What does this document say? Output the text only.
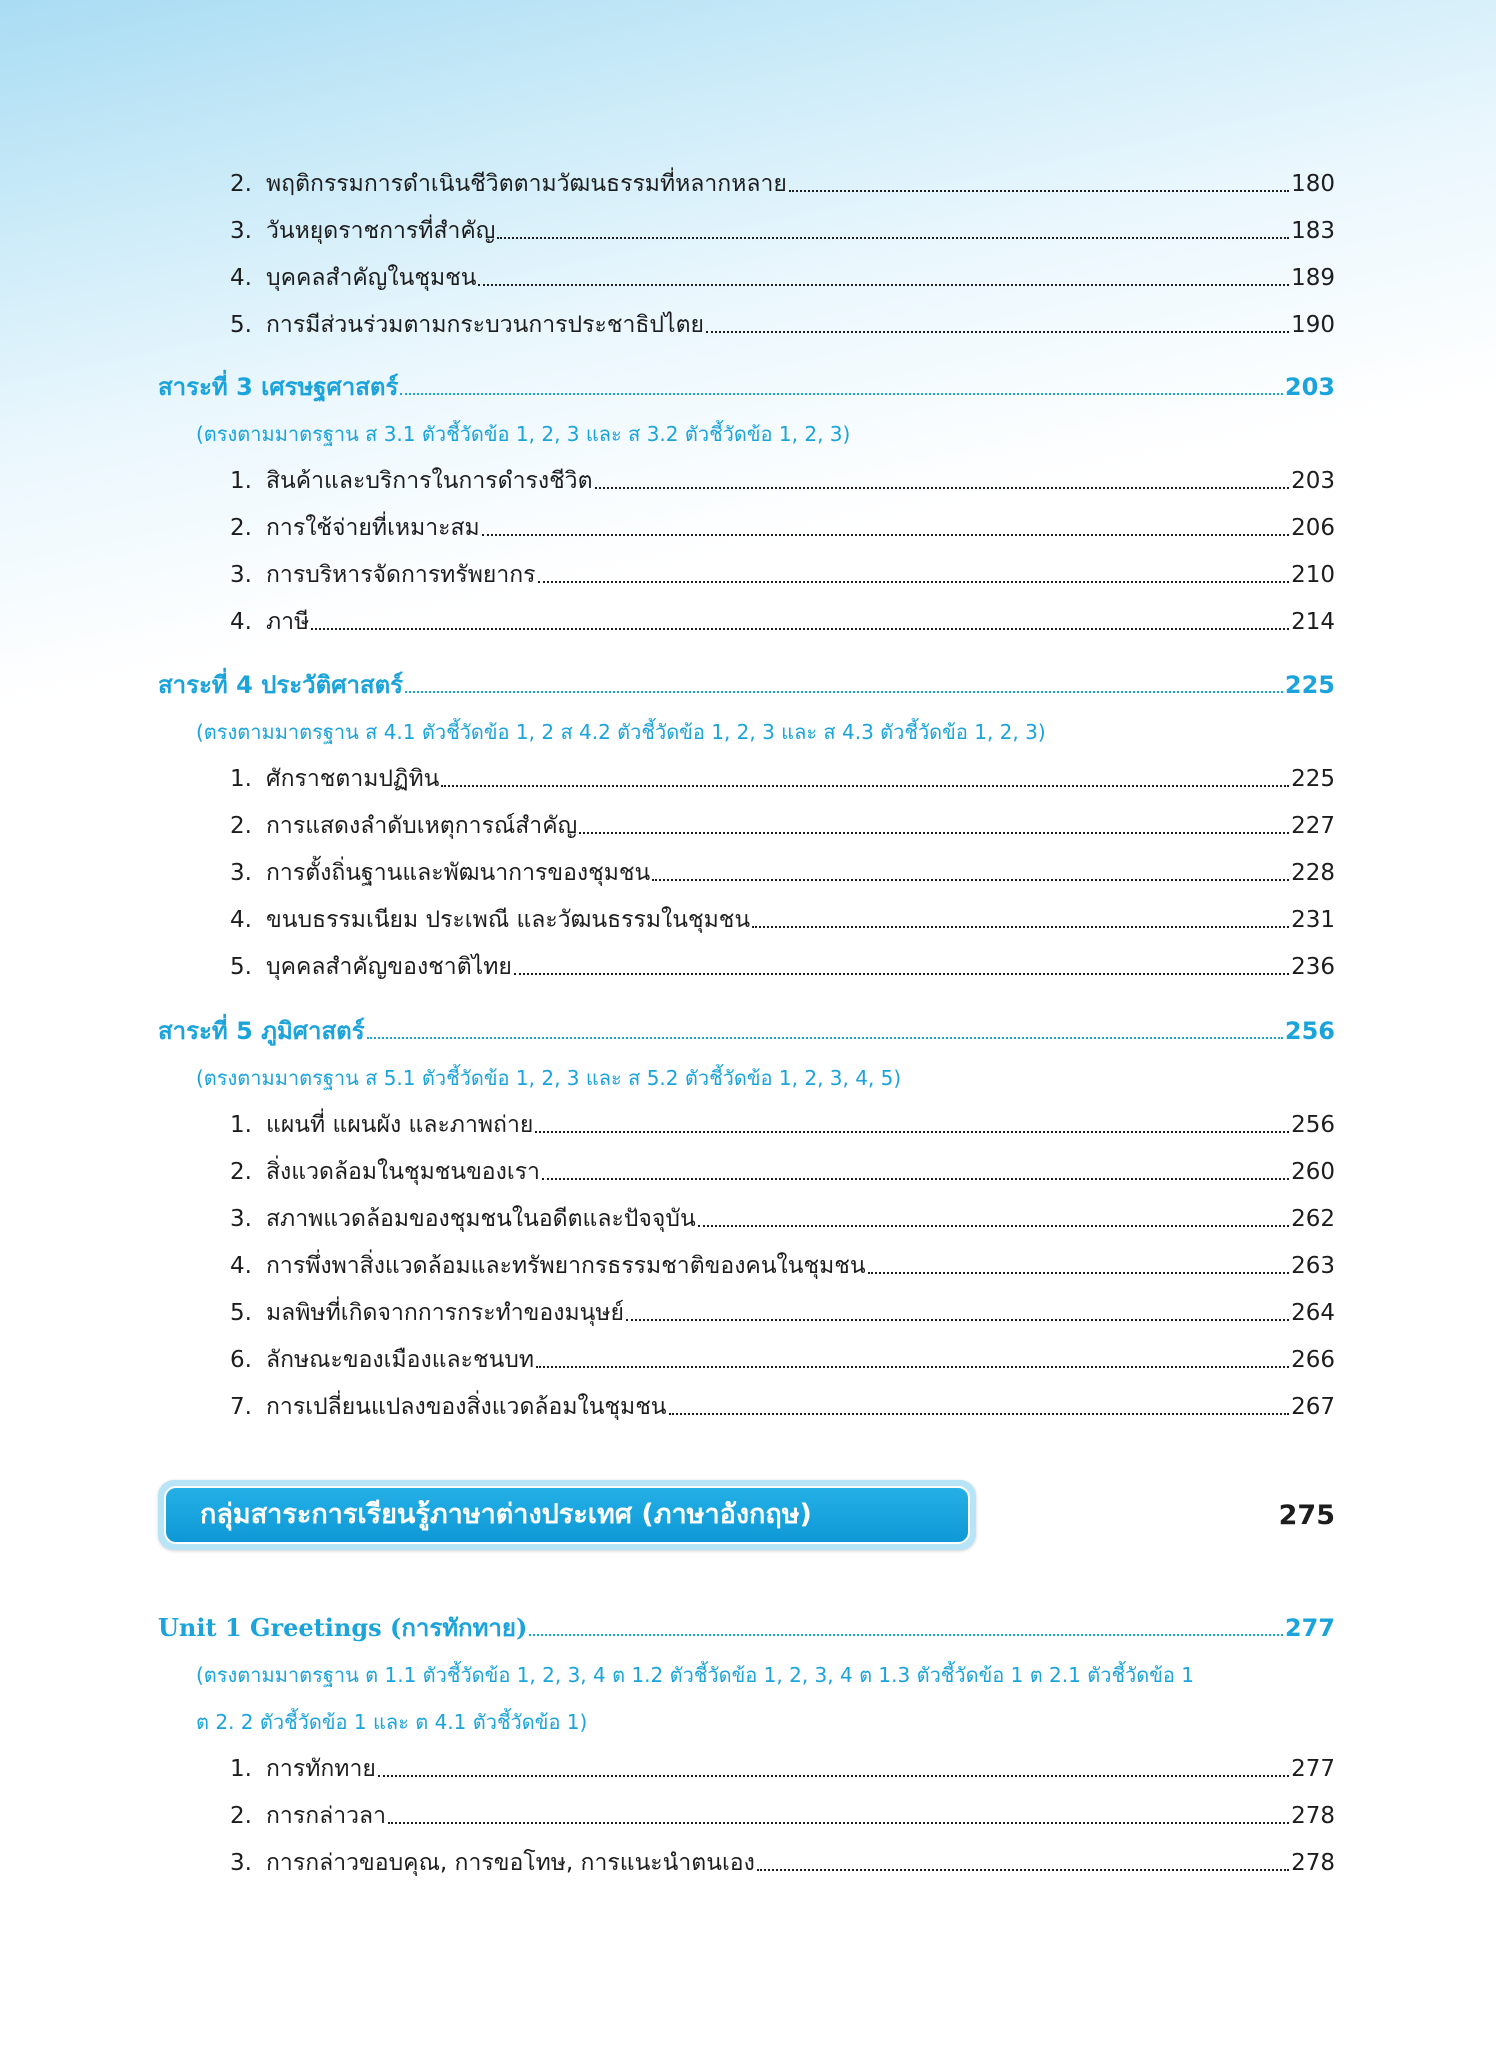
2. พฤติกรรมการดำเนินชีวิตตามวัฒนธรรมที่หลากหลาย	180
3. วันหยุดราชการที่สำคัญ	183
4. บุคคลสำคัญในชุมชน	189
5. การมีส่วนร่วมตามกระบวนการประชาธิปไตย	190
สาระที่ 3 เศรษฐศาสตร์	203
(ตรงตามมาตรฐาน ส 3.1 ตัวชี้วัดข้อ 1, 2, 3 และ ส 3.2 ตัวชี้วัดข้อ 1, 2, 3)
1. สินค้าและบริการในการดำรงชีวิต	203
2. การใช้จ่ายที่เหมาะสม	206
3. การบริหารจัดการทรัพยากร	210
4. ภาษี	214
สาระที่ 4 ประวัติศาสตร์	225
(ตรงตามมาตรฐาน ส 4.1 ตัวชี้วัดข้อ 1, 2 ส 4.2 ตัวชี้วัดข้อ 1, 2, 3 และ ส 4.3 ตัวชี้วัดข้อ 1, 2, 3)
1. ศักราชตามปฏิทิน	225
2. การแสดงลำดับเหตุการณ์สำคัญ	227
3. การตั้งถิ่นฐานและพัฒนาการของชุมชน	228
4. ขนบธรรมเนียม ประเพณี และวัฒนธรรมในชุมชน	231
5. บุคคลสำคัญของชาติไทย	236
สาระที่ 5 ภูมิศาสตร์	256
(ตรงตามมาตรฐาน ส 5.1 ตัวชี้วัดข้อ 1, 2, 3 และ ส 5.2 ตัวชี้วัดข้อ 1, 2, 3, 4, 5)
1. แผนที่ แผนผัง และภาพถ่าย	256
2. สิ่งแวดล้อมในชุมชนของเรา	260
3. สภาพแวดล้อมของชุมชนในอดีตและปัจจุบัน	262
4. การพึ่งพาสิ่งแวดล้อมและทรัพยากรธรรมชาติของคนในชุมชน	263
5. มลพิษที่เกิดจากการกระทำของมนุษย์	264
6. ลักษณะของเมืองและชนบท	266
7. การเปลี่ยนแปลงของสิ่งแวดล้อมในชุมชน	267
กลุ่มสาระการเรียนรู้ภาษาต่างประเทศ (ภาษาอังกฤษ)	275
Unit 1 Greetings (การทักทาย)	277
(ตรงตามมาตรฐาน ต 1.1 ตัวชี้วัดข้อ 1, 2, 3, 4 ต 1.2 ตัวชี้วัดข้อ 1, 2, 3, 4 ต 1.3 ตัวชี้วัดข้อ 1 ต 2.1 ตัวชี้วัดข้อ 1
ต 2. 2 ตัวชี้วัดข้อ 1 และ ต 4.1 ตัวชี้วัดข้อ 1)
1. การทักทาย	277
2. การกล่าวลา	278
3. การกล่าวขอบคุณ, การขอโทษ, การแนะนำตนเอง	278
